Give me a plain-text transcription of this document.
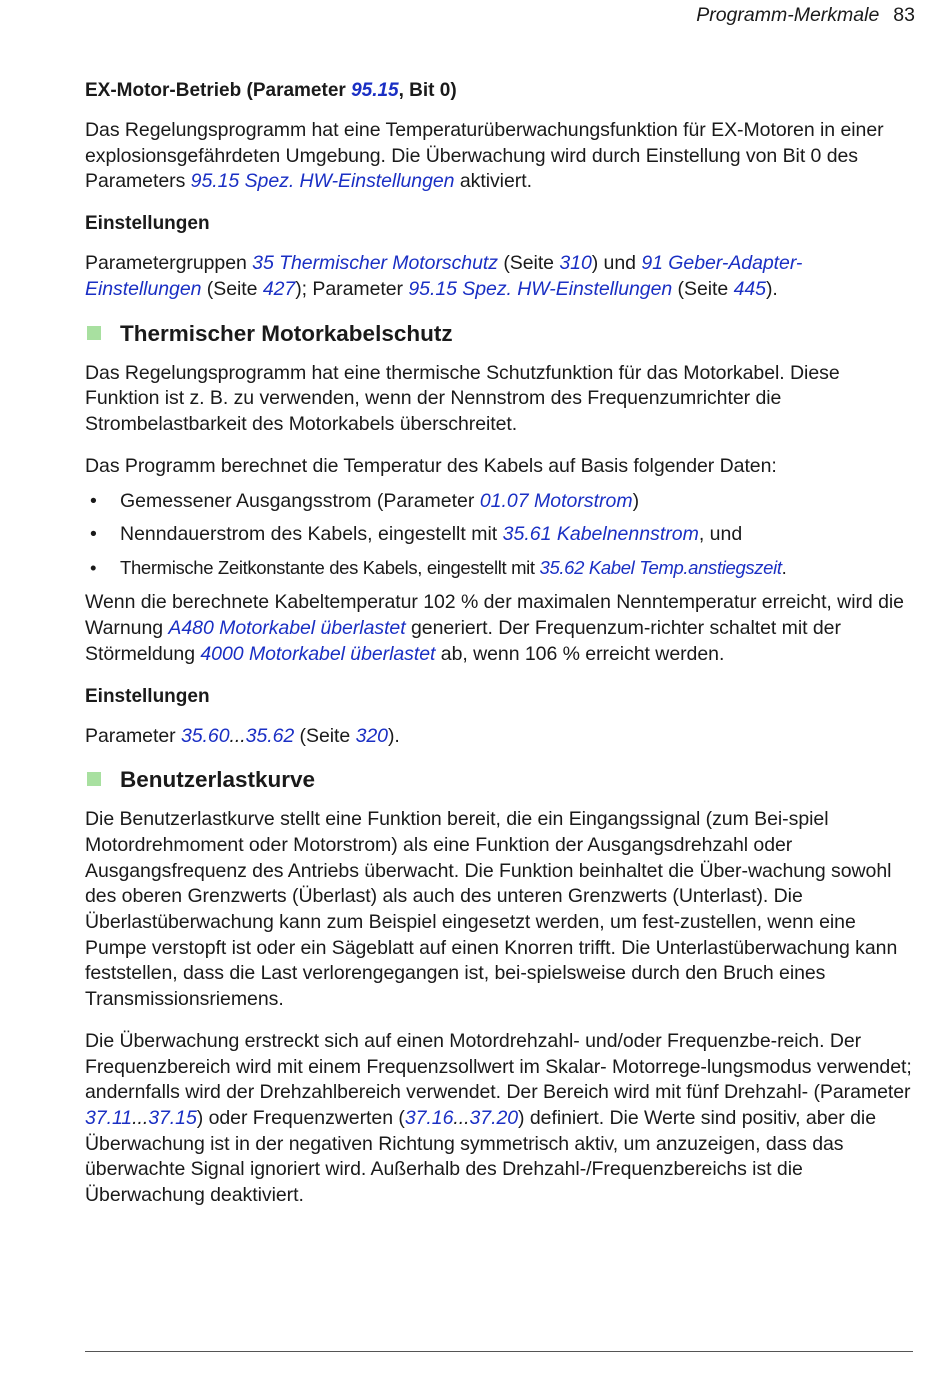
Programm-Merkmale 83
EX-Motor-Betrieb (Parameter 95.15, Bit 0)

Das Regelungsprogramm hat eine Temperaturüberwachungsfunktion für EX-Motoren in einer explosionsgefährdeten Umgebung. Die Überwachung wird durch Einstellung von Bit 0 des Parameters 95.15 Spez. HW-Einstellungen aktiviert.

Einstellungen

Parametergruppen 35 Thermischer Motorschutz (Seite 310) und 91 Geber-Adapter-Einstellungen (Seite 427); Parameter 95.15 Spez. HW-Einstellungen (Seite 445).

Thermischer Motorkabelschutz

Das Regelungsprogramm hat eine thermische Schutzfunktion für das Motorkabel. Diese Funktion ist z. B. zu verwenden, wenn der Nennstrom des Frequenzumrichter die Strombelastbarkeit des Motorkabels überschreitet.

Das Programm berechnet die Temperatur des Kabels auf Basis folgender Daten:

• Gemessener Ausgangsstrom (Parameter 01.07 Motorstrom)
• Nenndauerstrom des Kabels, eingestellt mit 35.61 Kabelnennstrom, und
• Thermische Zeitkonstante des Kabels, eingestellt mit 35.62 Kabel Temp.anstiegszeit.

Wenn die berechnete Kabeltemperatur 102 % der maximalen Nenntemperatur erreicht, wird die Warnung A480 Motorkabel überlastet generiert. Der Frequenzum-richter schaltet mit der Störmeldung 4000 Motorkabel überlastet ab, wenn 106 % erreicht werden.

Einstellungen

Parameter 35.60...35.62 (Seite 320).

Benutzerlastkurve

Die Benutzerlastkurve stellt eine Funktion bereit, die ein Eingangssignal (zum Bei-spiel Motordrehmoment oder Motorstrom) als eine Funktion der Ausgangsdrehzahl oder Ausgangsfrequenz des Antriebs überwacht. Die Funktion beinhaltet die Über-wachung sowohl des oberen Grenzwerts (Überlast) als auch des unteren Grenzwerts (Unterlast). Die Überlastüberwachung kann zum Beispiel eingesetzt werden, um fest-zustellen, wenn eine Pumpe verstopft ist oder ein Sägeblatt auf einen Knorren trifft. Die Unterlastüberwachung kann feststellen, dass die Last verlorengegangen ist, bei-spielsweise durch den Bruch eines Transmissionsriemens.

Die Überwachung erstreckt sich auf einen Motordrehzahl- und/oder Frequenzbe-reich. Der Frequenzbereich wird mit einem Frequenzsollwert im Skalar- Motorrege-lungsmodus verwendet; andernfalls wird der Drehzahlbereich verwendet. Der Bereich wird mit fünf Drehzahl- (Parameter 37.11...37.15) oder Frequenzwerten (37.16...37.20) definiert. Die Werte sind positiv, aber die Überwachung ist in der negativen Richtung symmetrisch aktiv, um anzuzeigen, dass das überwachte Signal ignoriert wird. Außerhalb des Drehzahl-/Frequenzbereichs ist die Überwachung deaktiviert.
